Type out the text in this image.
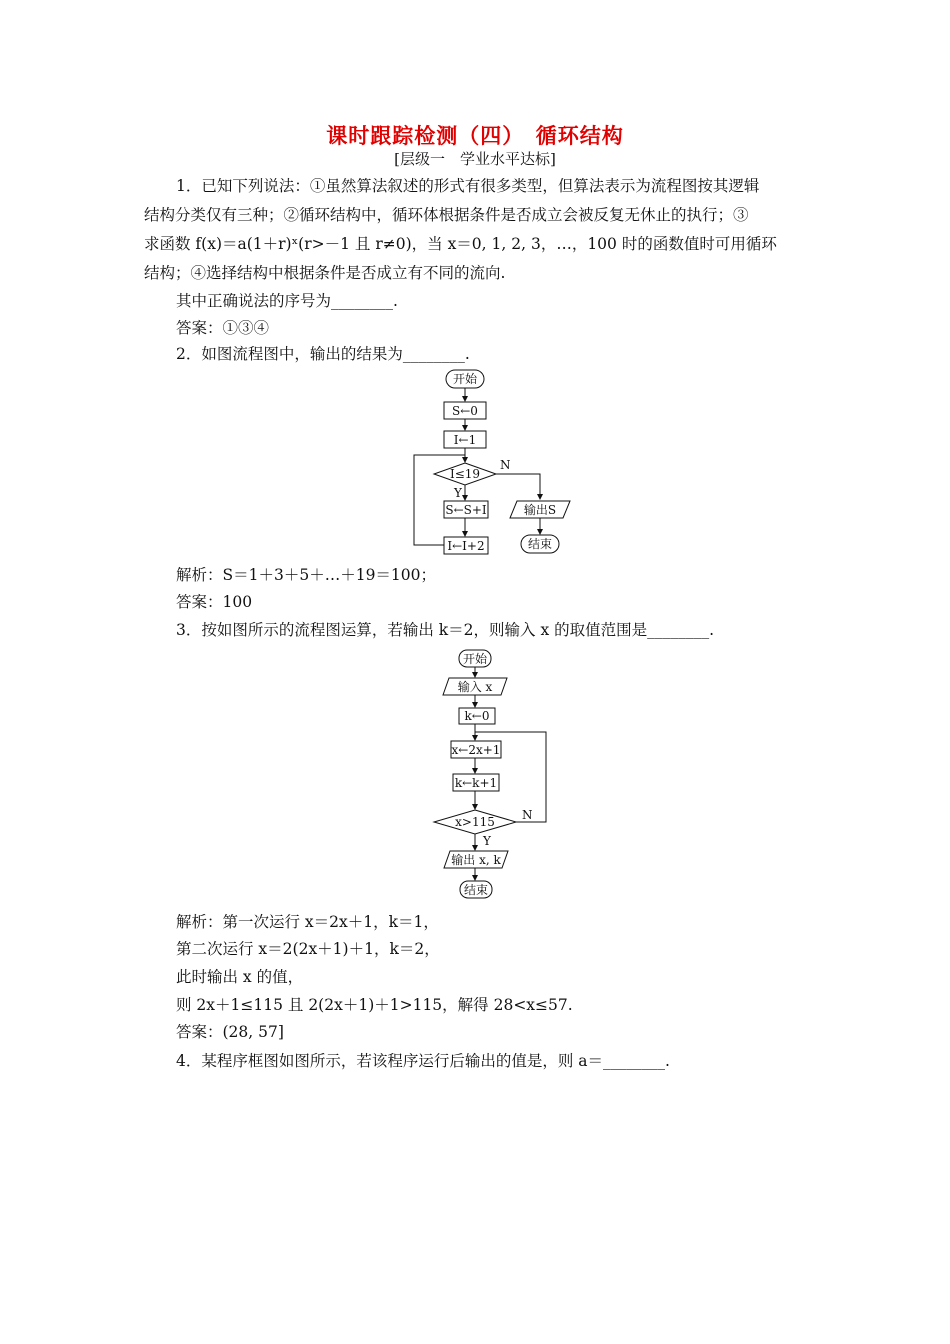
课时跟踪检测（四）　循环结构
[层级一　学业水平达标]
1．已知下列说法：①虽然算法叙述的形式有很多类型，但算法表示为流程图按其逻辑
结构分类仅有三种；②循环结构中，循环体根据条件是否成立会被反复无休止的执行；③
求函数 f(x)＝a(1＋r)ˣ(r>－1 且 r≠0)，当 x＝0, 1, 2, 3，…，100 时的函数值时可用循环
结构；④选择结构中根据条件是否成立有不同的流向.
其中正确说法的序号为________.
答案：①③④
2．如图流程图中，输出的结果为________.
开始
S←0
I←1
I≤19
N
Y
S←S+I
I←I+2
输出S
结束
解析：S＝1＋3＋5＋…＋19＝100；
答案：100
3．按如图所示的流程图运算，若输出 k＝2，则输入 x 的取值范围是________.
开始
输入 x
k←0
x←2x+1
k←k+1
x>115 N
Y
输出 x, k
结束
解析：第一次运行 x＝2x＋1，k＝1，
第二次运行 x＝2(2x＋1)＋1，k＝2，
此时输出 x 的值，
则 2x＋1≤115 且 2(2x＋1)＋1>115，解得 28<x≤57.
答案：(28, 57]
4．某程序框图如图所示，若该程序运行后输出的值是，则 a＝________.
